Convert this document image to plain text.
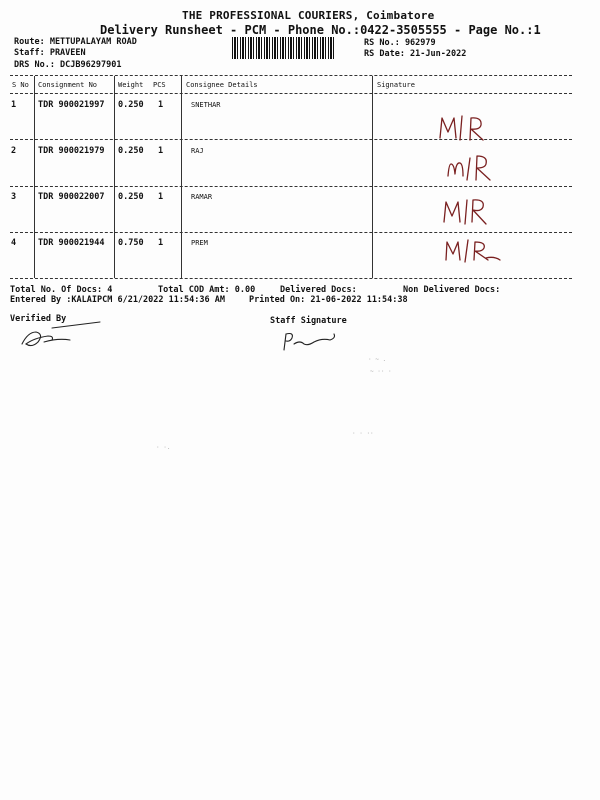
THE PROFESSIONAL COURIERS, Coimbatore
Delivery Runsheet - PCM - Phone No.:0422-3505555 - Page No.:1
Route: METTUPALAYAM ROAD
Staff: PRAVEEN
DRS No.: DCJB96297901
RS No.: 962979
RS Date: 21-Jun-2022
S No Consignment No	Weight PCS	Consignee Details	Signature
1	TDR 900021997 0.250 1	SNETHAR
2	TDR 900021979 0.250 1	RAJ
3	TDR 900022007 0.250 1	RAMAR
4	TDR 900021944 0.750 1	PREM
Total No. Of Docs: 4	Total COD Amt: 0.00	Delivered Docs:	Non Delivered Docs:
Entered By :KALAIPCM 6/21/2022 11:54:36 AM	Printed On: 21-06-2022 11:54:38
Verified By	Staff Signature
· ~ .
~ ·· ·
· · ··
· ·.
